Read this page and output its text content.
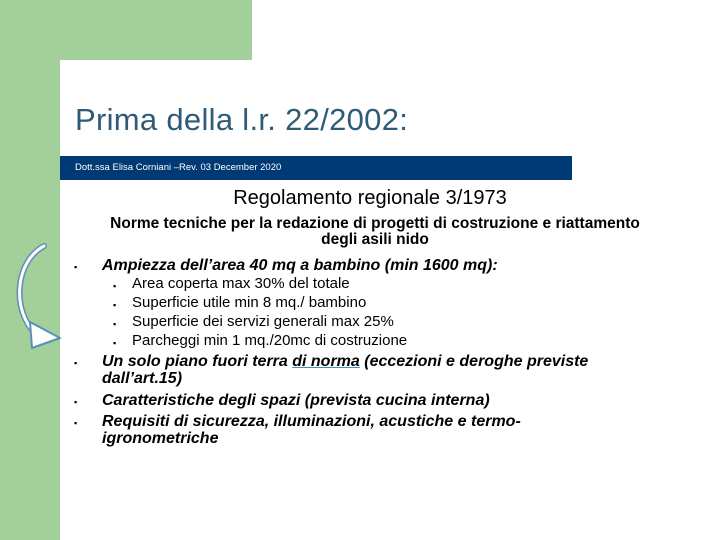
Prima della l.r. 22/2002:
Dott.ssa Elisa Corniani –Rev. 03 December 2020
Regolamento regionale 3/1973
Norme tecniche per la redazione di progetti di costruzione e riattamento degli asili nido
▪ Ampiezza dell’area 40 mq a bambino (min 1600 mq):
▪ Area coperta max 30% del totale
▪ Superficie utile min 8 mq./ bambino
▪ Superficie dei servizi generali max 25%
▪ Parcheggi min 1 mq./20mc di costruzione
▪ Un solo piano fuori terra di norma (eccezioni e deroghe previste dall’art.15)
▪ Caratteristiche degli spazi (prevista cucina interna)
▪ Requisiti di sicurezza, illuminazioni, acustiche e termo-igronometriche
